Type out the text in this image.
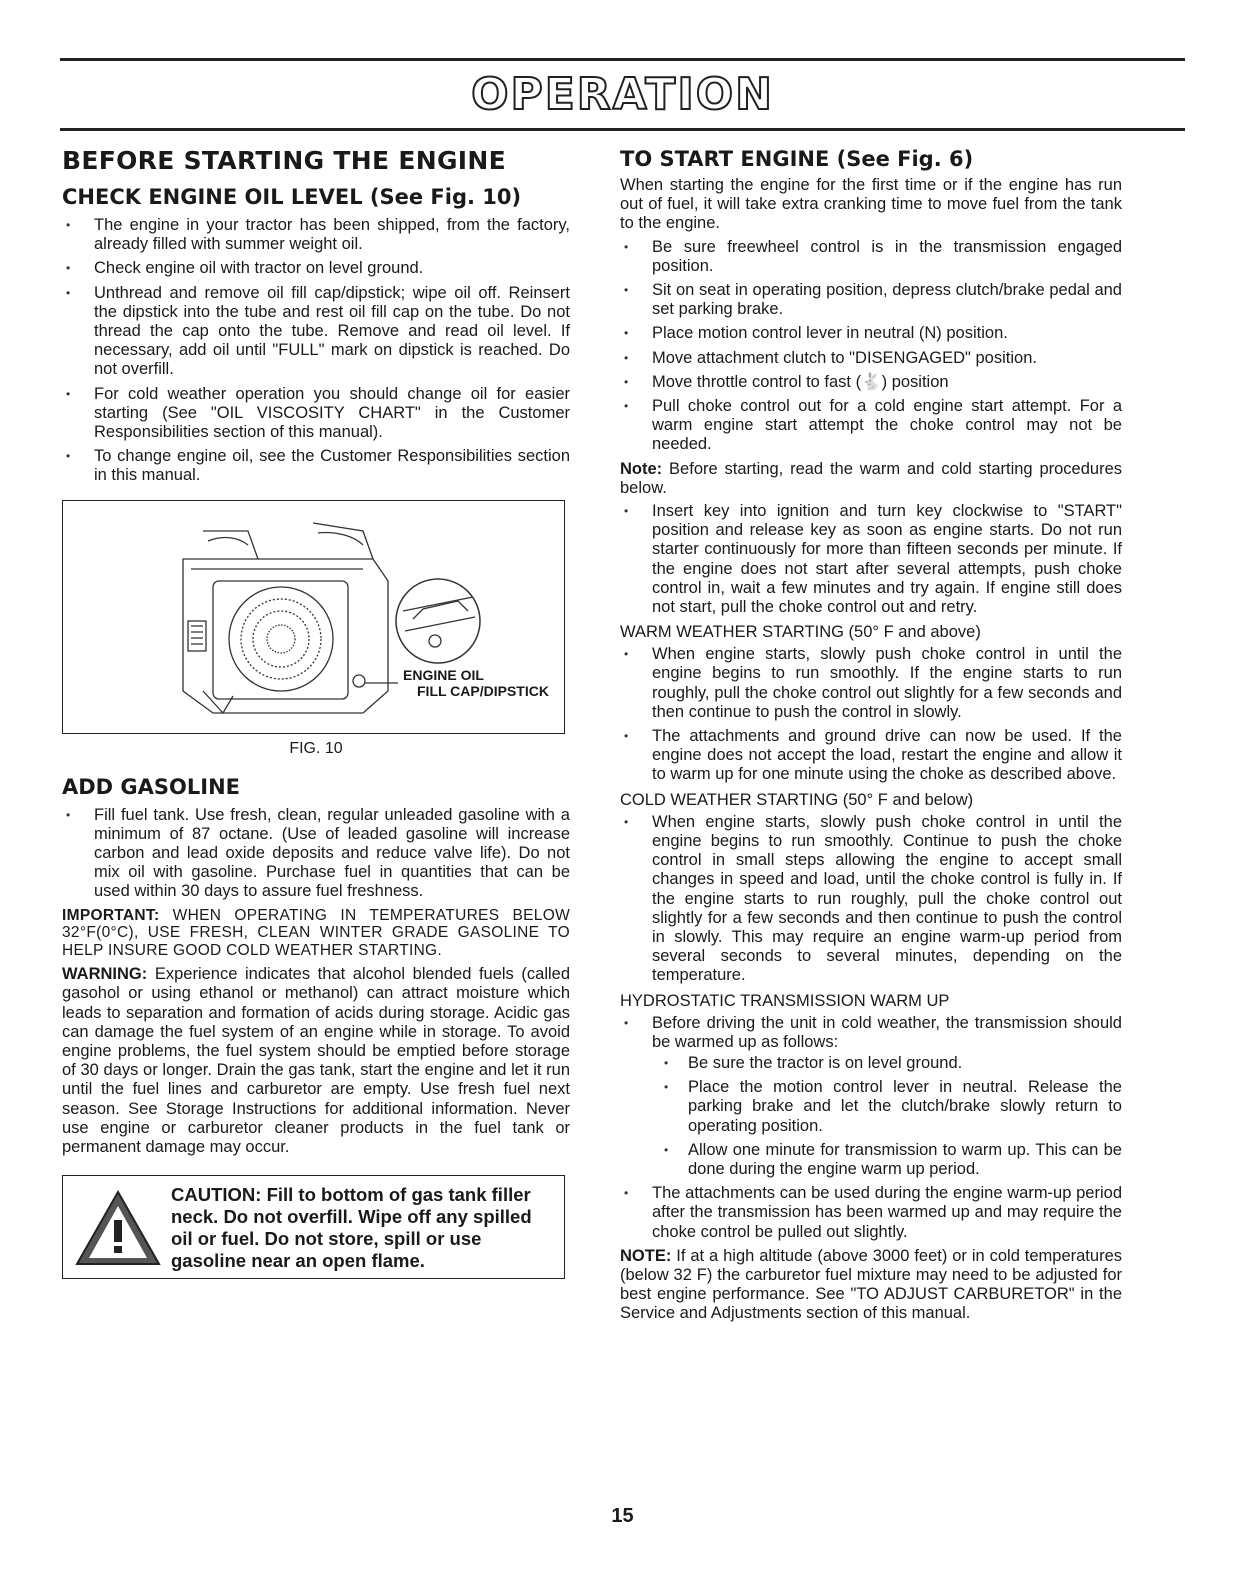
OPERATION
BEFORE STARTING THE ENGINE
CHECK ENGINE OIL LEVEL (See Fig. 10)
• The engine in your tractor has been shipped, from the factory, already filled with summer weight oil.
• Check engine oil with tractor on level ground.
• Unthread and remove oil fill cap/dipstick; wipe oil off. Reinsert the dipstick into the tube and rest oil fill cap on the tube. Do not thread the cap onto the tube. Remove and read oil level. If necessary, add oil until "FULL" mark on dipstick is reached. Do not overfill.
• For cold weather operation you should change oil for easier starting (See "OIL VISCOSITY CHART" in the Customer Responsibilities section of this manual).
• To change engine oil, see the Customer Responsibilities section in this manual.
ENGINE OIL
FILL CAP/DIPSTICK
FIG. 10
ADD GASOLINE
• Fill fuel tank. Use fresh, clean, regular unleaded gasoline with a minimum of 87 octane. (Use of leaded gasoline will increase carbon and lead oxide deposits and reduce valve life). Do not mix oil with gasoline. Purchase fuel in quantities that can be used within 30 days to assure fuel freshness.

IMPORTANT: WHEN OPERATING IN TEMPERATURES BELOW 32°F(0°C), USE FRESH, CLEAN WINTER GRADE GASOLINE TO HELP INSURE GOOD COLD WEATHER STARTING.

WARNING: Experience indicates that alcohol blended fuels (called gasohol or using ethanol or methanol) can attract moisture which leads to separation and formation of acids during storage. Acidic gas can damage the fuel system of an engine while in storage. To avoid engine problems, the fuel system should be emptied before storage of 30 days or longer. Drain the gas tank, start the engine and let it run until the fuel lines and carburetor are empty. Use fresh fuel next season. See Storage Instructions for additional information. Never use engine or carburetor cleaner products in the fuel tank or permanent damage may occur.

CAUTION: Fill to bottom of gas tank filler neck. Do not overfill. Wipe off any spilled oil or fuel. Do not store, spill or use gasoline near an open flame.
TO START ENGINE (See Fig. 6)

When starting the engine for the first time or if the engine has run out of fuel, it will take extra cranking time to move fuel from the tank to the engine.

• Be sure freewheel control is in the transmission engaged position.
• Sit on seat in operating position, depress clutch/brake pedal and set parking brake.
• Place motion control lever in neutral (N) position.
• Move attachment clutch to "DISENGAGED" position.
• Move throttle control to fast (🐇) position
• Pull choke control out for a cold engine start attempt. For a warm engine start attempt the choke control may not be needed.

Note: Before starting, read the warm and cold starting procedures below.

• Insert key into ignition and turn key clockwise to "START" position and release key as soon as engine starts. Do not run starter continuously for more than fifteen seconds per minute. If the engine does not start after several attempts, push choke control in, wait a few minutes and try again. If engine still does not start, pull the choke control out and retry.

WARM WEATHER STARTING (50° F and above)

• When engine starts, slowly push choke control in until the engine begins to run smoothly. If the engine starts to run roughly, pull the choke control out slightly for a few seconds and then continue to push the control in slowly.
• The attachments and ground drive can now be used. If the engine does not accept the load, restart the engine and allow it to warm up for one minute using the choke as described above.

COLD WEATHER STARTING (50° F and below)

• When engine starts, slowly push choke control in until the engine begins to run smoothly. Continue to push the choke control in small steps allowing the engine to accept small changes in speed and load, until the choke control is fully in. If the engine starts to run roughly, pull the choke control out slightly for a few seconds and then continue to push the control in slowly. This may require an engine warm-up period from several seconds to several minutes, depending on the temperature.

HYDROSTATIC TRANSMISSION WARM UP

• Before driving the unit in cold weather, the transmission should be warmed up as follows:
• Be sure the tractor is on level ground.
• Place the motion control lever in neutral. Release the parking brake and let the clutch/brake slowly return to operating position.
• Allow one minute for transmission to warm up. This can be done during the engine warm up period.
• The attachments can be used during the engine warm-up period after the transmission has been warmed up and may require the choke control be pulled out slightly.

NOTE: If at a high altitude (above 3000 feet) or in cold temperatures (below 32 F) the carburetor fuel mixture may need to be adjusted for best engine performance. See "TO ADJUST CARBURETOR" in the Service and Adjustments section of this manual.

15
